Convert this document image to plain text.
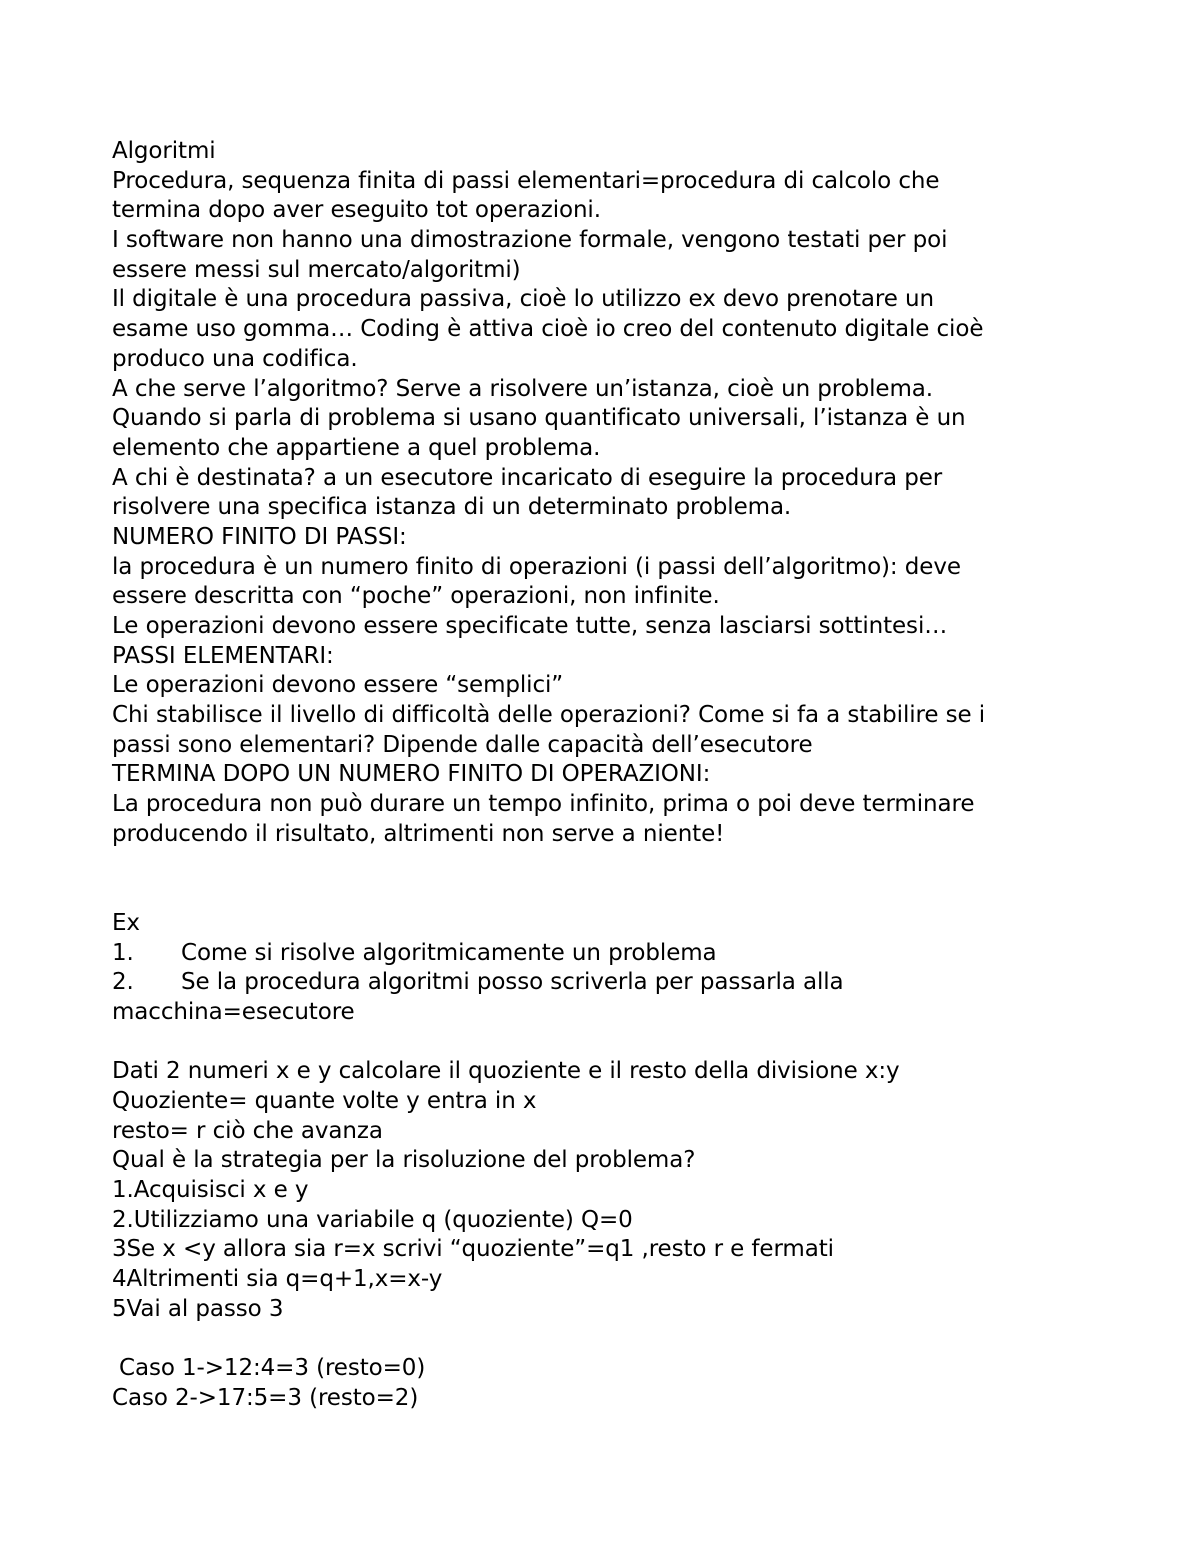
Algoritmi
Procedura, sequenza finita di passi elementari=procedura di calcolo che
termina dopo aver eseguito tot operazioni.
I software non hanno una dimostrazione formale, vengono testati per poi
essere messi sul mercato/algoritmi)
Il digitale è una procedura passiva, cioè lo utilizzo ex devo prenotare un
esame uso gomma… Coding è attiva cioè io creo del contenuto digitale cioè
produco una codifica.
A che serve l’algoritmo? Serve a risolvere un’istanza, cioè un problema.
Quando si parla di problema si usano quantificato universali, l’istanza è un
elemento che appartiene a quel problema.
A chi è destinata? a un esecutore incaricato di eseguire la procedura per
risolvere una specifica istanza di un determinato problema.
NUMERO FINITO DI PASSI:
la procedura è un numero finito di operazioni (i passi dell’algoritmo): deve
essere descritta con “poche” operazioni, non infinite.
Le operazioni devono essere specificate tutte, senza lasciarsi sottintesi…
PASSI ELEMENTARI:
Le operazioni devono essere “semplici”
Chi stabilisce il livello di difficoltà delle operazioni? Come si fa a stabilire se i
passi sono elementari? Dipende dalle capacità dell’esecutore
TERMINA DOPO UN NUMERO FINITO DI OPERAZIONI:
La procedura non può durare un tempo infinito, prima o poi deve terminare
producendo il risultato, altrimenti non serve a niente!
Ex
1. Come si risolve algoritmicamente un problema
2. Se la procedura algoritmi posso scriverla per passarla alla
macchina=esecutore
Dati 2 numeri x e y calcolare il quoziente e il resto della divisione x:y
Quoziente= quante volte y entra in x
resto= r ciò che avanza
Qual è la strategia per la risoluzione del problema?
1.Acquisisci x e y
2.Utilizziamo una variabile q (quoziente) Q=0
3Se x <y allora sia r=x scrivi “quoziente”=q1 ,resto r e fermati
4Altrimenti sia q=q+1,x=x-y
5Vai al passo 3
Caso 1->12:4=3 (resto=0)
Caso 2->17:5=3 (resto=2)
